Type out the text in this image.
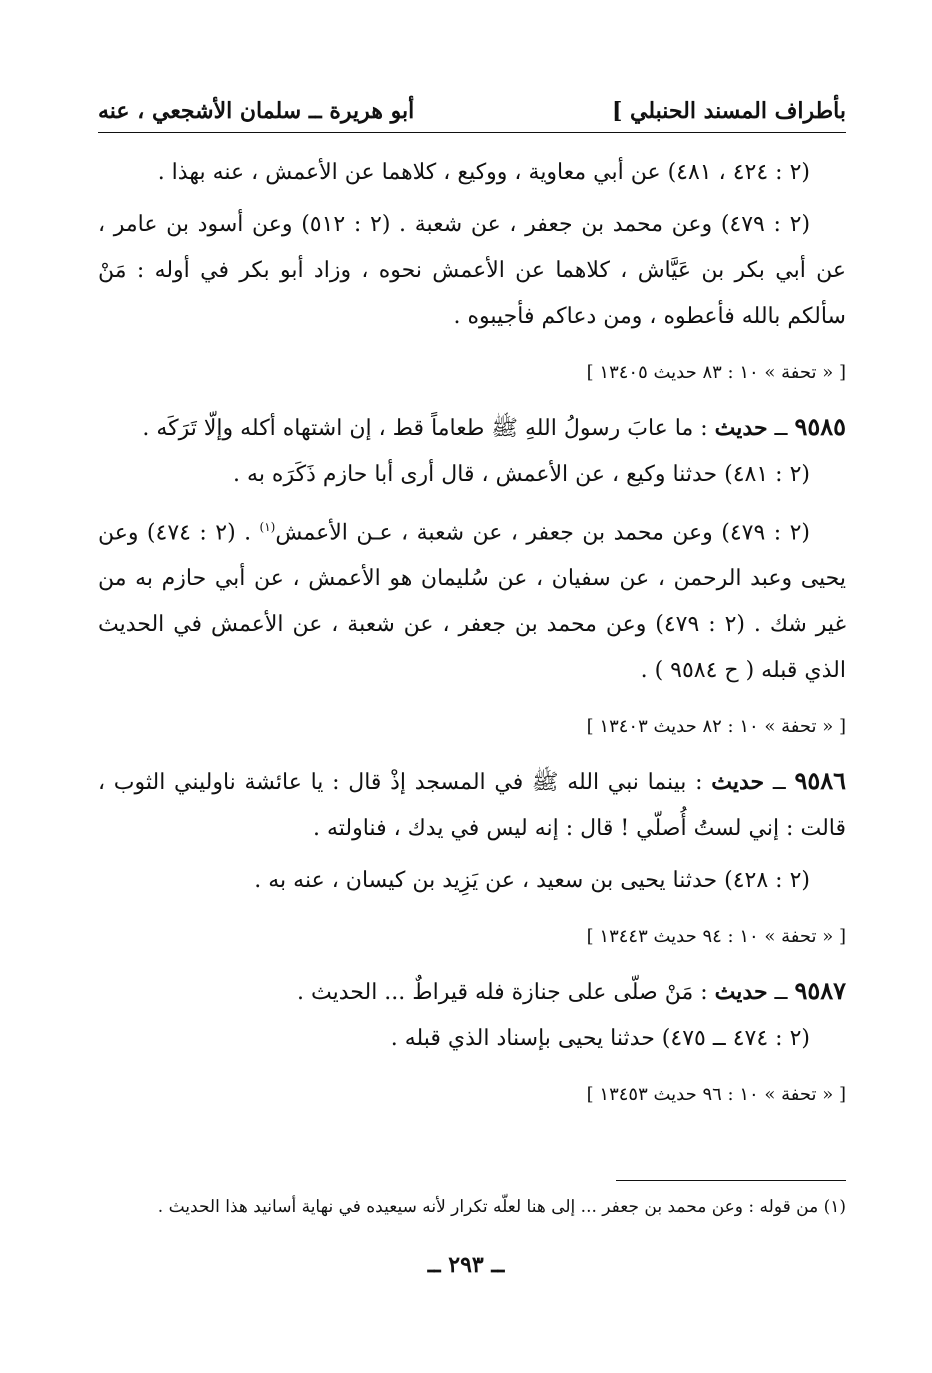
بأطراف المسند الحنبلي ]
أبو هريرة ــ سلمان الأشجعي ، عنه

(٢ : ٤٢٤ ، ٤٨١) عن أبي معاوية ، ووكيع ، كلاهما عن الأعمش ، عنه بهذا .

(٢ : ٤٧٩) وعن محمد بن جعفر ، عن شعبة . (٢ : ٥١٢) وعن أسود بن عامر ، عن أبي بكر بن عَيَّاش ، كلاهما عن الأعمش نحوه ، وزاد أبو بكر في أوله : مَنْ سألكم بالله فأعطوه ، ومن دعاكم فأجيبوه .

[ « تحفة » ١٠ : ٨٣ حديث ١٣٤٠٥ ]

٩٥٨٥ ــ حديث : ما عابَ رسولُ اللهِ ﷺ طعاماً قط ، إن اشتهاه أكله وإلّا تَرَكَه .

(٢ : ٤٨١) حدثنا وكيع ، عن الأعمش ، قال أرى أبا حازم ذَكَرَه به .

(٢ : ٤٧٩) وعن محمد بن جعفر ، عن شعبة ، عـن الأعمش$^{(١)}$ . (٢ : ٤٧٤) وعن يحيى وعبد الرحمن ، عن سفيان ، عن سُليمان هو الأعمش ، عن أبي حازم به من غير شك . (٢ : ٤٧٩) وعن محمد بن جعفر ، عن شعبة ، عن الأعمش في الحديث الذي قبله ( ح ٩٥٨٤ ) .

[ « تحفة » ١٠ : ٨٢ حديث ١٣٤٠٣ ]

٩٥٨٦ ــ حديث : بينما نبي الله ﷺ في المسجد إذْ قال : يا عائشة ناوليني الثوب ، قالت : إني لستُ أُصلّي ! قال : إنه ليس في يدك ، فناولته .

(٢ : ٤٢٨) حدثنا يحيى بن سعيد ، عن يَزِيد بن كيسان ، عنه به .

[ « تحفة » ١٠ : ٩٤ حديث ١٣٤٤٣ ]

٩٥٨٧ ــ حديث : مَنْ صلّى على جنازة فله قيراطٌ ... الحديث .

(٢ : ٤٧٤ ــ ٤٧٥) حدثنا يحيى بإسناد الذي قبله .

[ « تحفة » ١٠ : ٩٦ حديث ١٣٤٥٣ ]

(١) من قوله : وعن محمد بن جعفر ... إلى هنا لعلّه تكرار لأنه سيعيده في نهاية أسانيد هذا الحديث .
ــ ٢٩٣ ــ
